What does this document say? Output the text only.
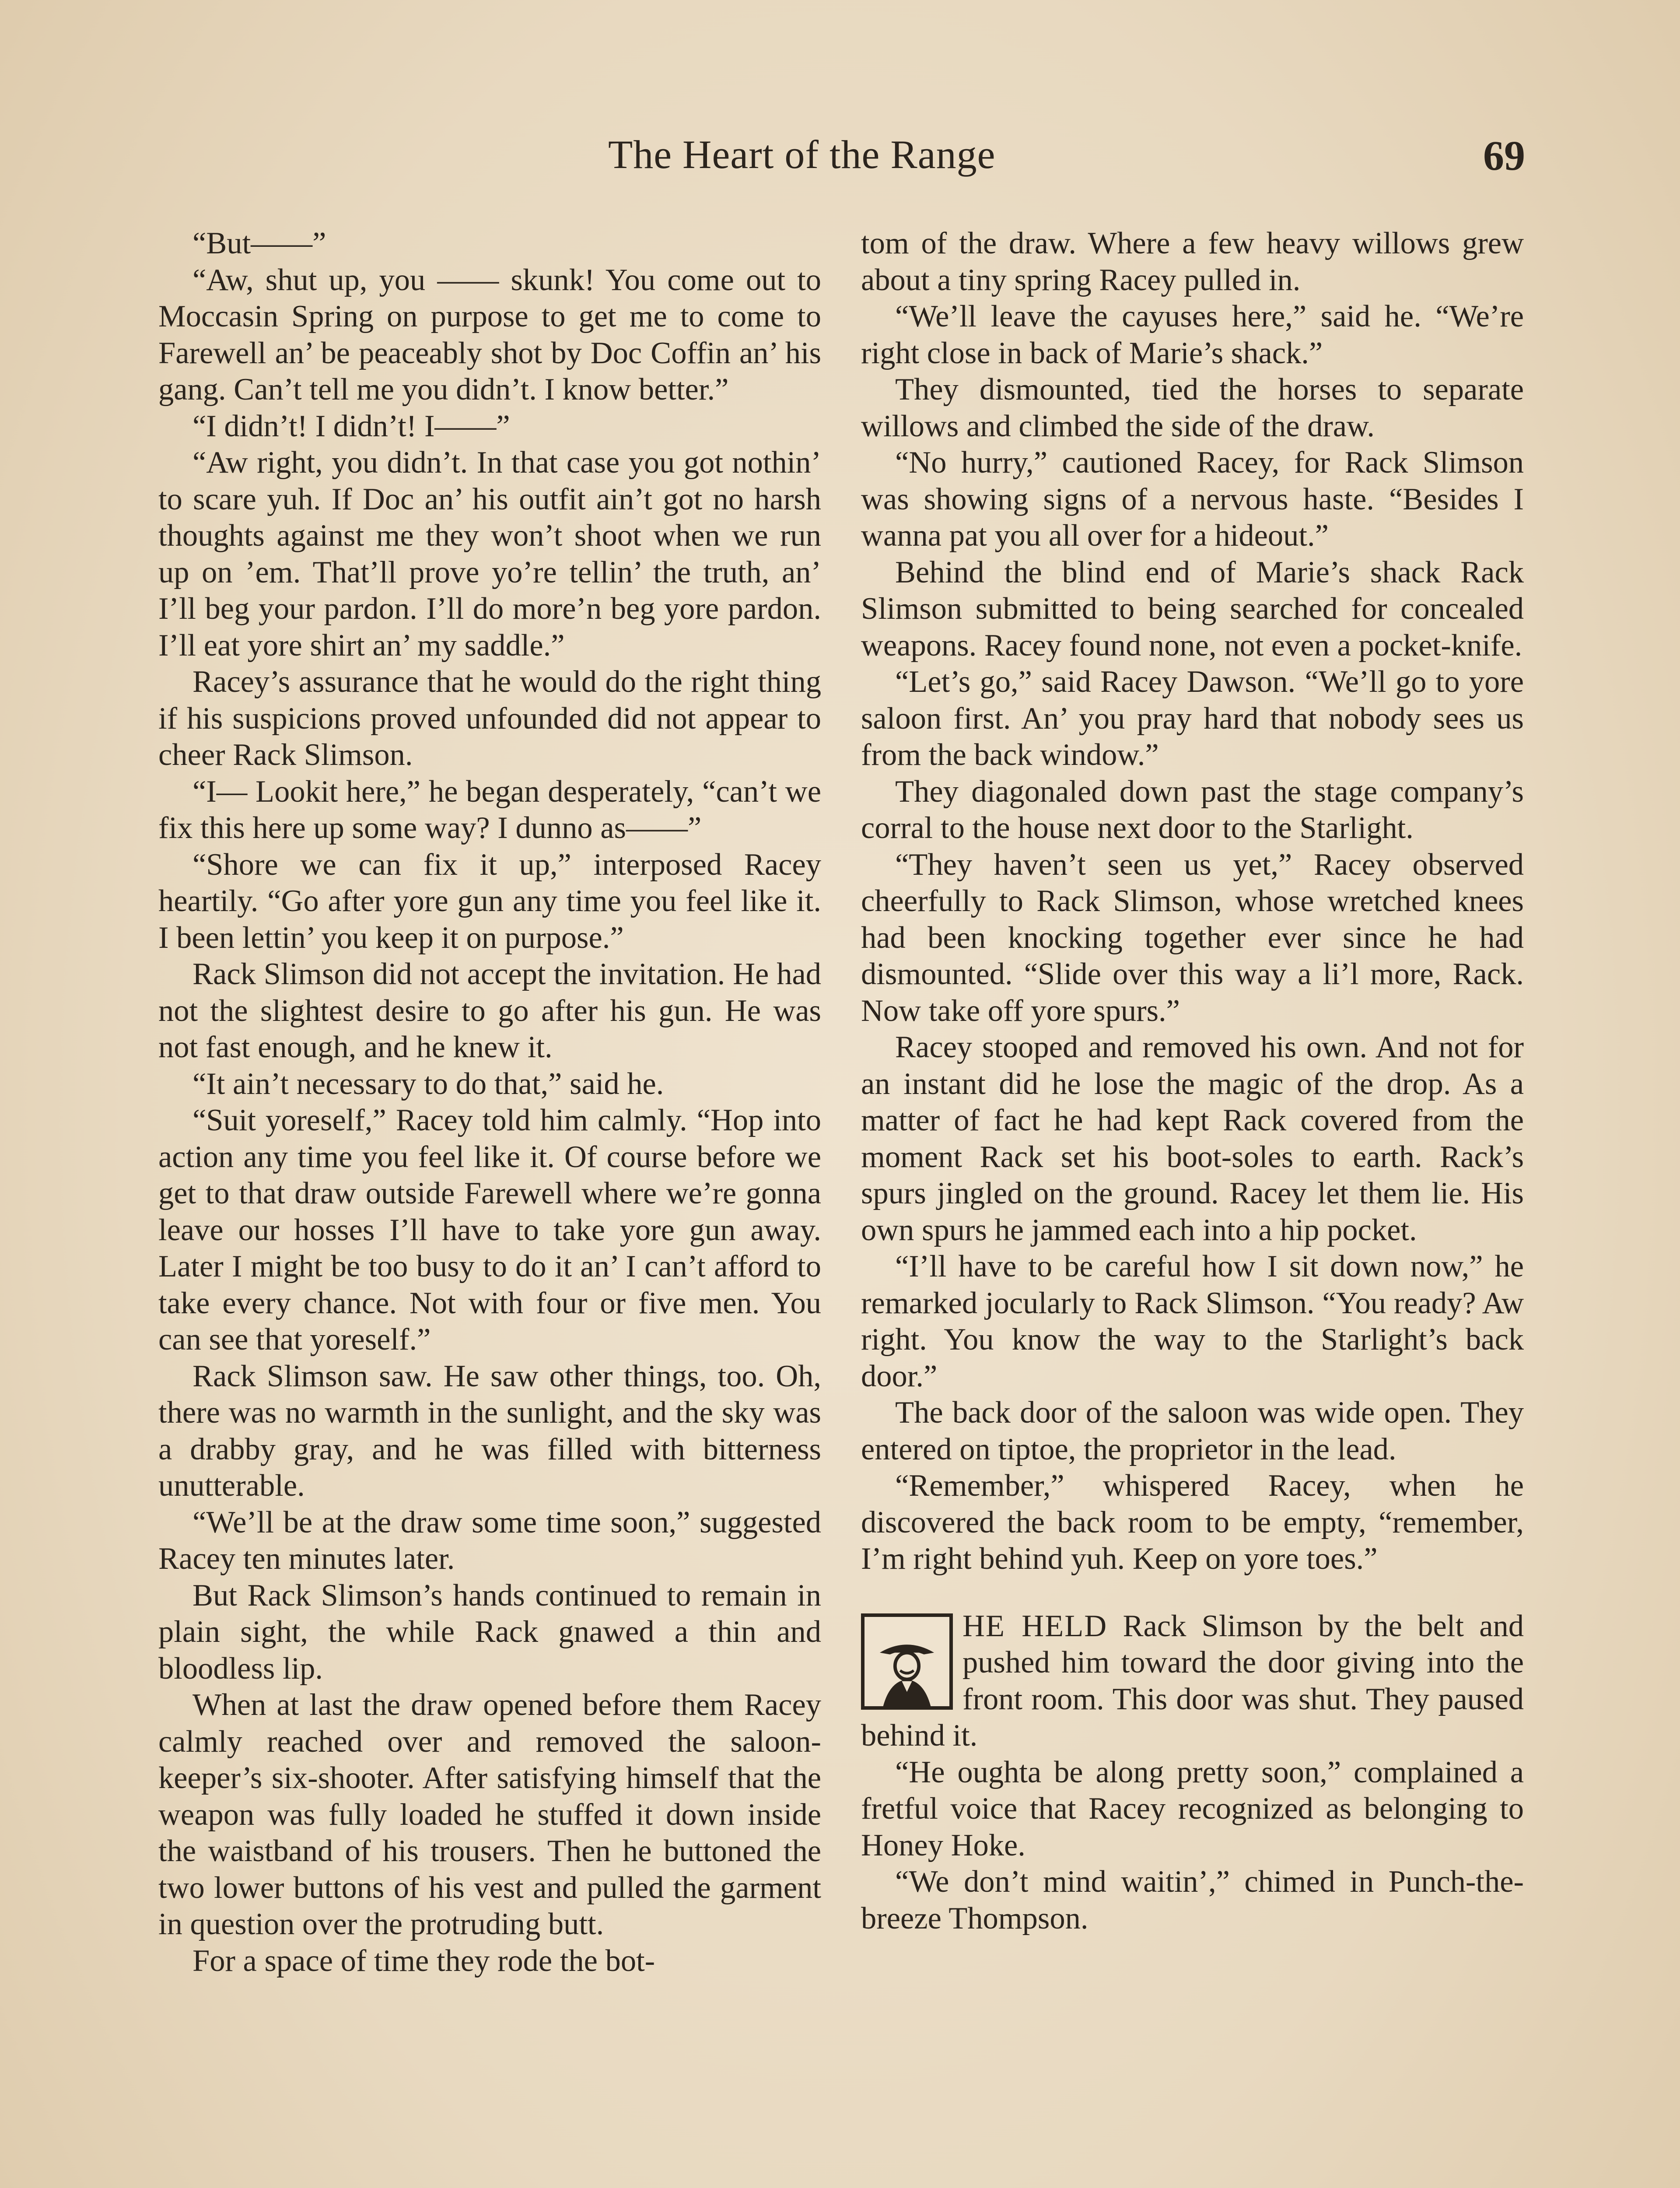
The Heart of the Range	69

“But——”

“Aw, shut up, you —— skunk! You come out to Moccasin Spring on purpose to get me to come to Farewell an’ be peaceably shot by Doc Coffin an’ his gang. Can’t tell me you didn’t. I know better.”

“I didn’t! I didn’t! I——”

“Aw right, you didn’t. In that case you got nothin’ to scare yuh. If Doc an’ his outfit ain’t got no harsh thoughts against me they won’t shoot when we run up on ’em. That’ll prove yo’re tellin’ the truth, an’ I’ll beg your pardon. I’ll do more’n beg yore pardon. I’ll eat yore shirt an’ my saddle.”

Racey’s assurance that he would do the right thing if his suspicions proved unfounded did not appear to cheer Rack Slimson.

“I— Lookit here,” he began desperately, “can’t we fix this here up some way? I dunno as——”

“Shore we can fix it up,” interposed Racey heartily. “Go after yore gun any time you feel like it. I been lettin’ you keep it on purpose.”

Rack Slimson did not accept the invitation. He had not the slightest desire to go after his gun. He was not fast enough, and he knew it.

“It ain’t necessary to do that,” said he.

“Suit yoreself,” Racey told him calmly. “Hop into action any time you feel like it. Of course before we get to that draw outside Farewell where we’re gonna leave our hosses I’ll have to take yore gun away. Later I might be too busy to do it an’ I can’t afford to take every chance. Not with four or five men. You can see that yoreself.”

Rack Slimson saw. He saw other things, too. Oh, there was no warmth in the sunlight, and the sky was a drabby gray, and he was filled with bitterness unutterable.

“We’ll be at the draw some time soon,” suggested Racey ten minutes later.

But Rack Slimson’s hands continued to remain in plain sight, the while Rack gnawed a thin and bloodless lip.

When at last the draw opened before them Racey calmly reached over and removed the saloon-keeper’s six-shooter. After satisfying himself that the weapon was fully loaded he stuffed it down inside the waistband of his trousers. Then he buttoned the two lower buttons of his vest and pulled the garment in question over the protruding butt.

For a space of time they rode the bot-

tom of the draw. Where a few heavy willows grew about a tiny spring Racey pulled in.

“We’ll leave the cayuses here,” said he. “We’re right close in back of Marie’s shack.”

They dismounted, tied the horses to separate willows and climbed the side of the draw.

“No hurry,” cautioned Racey, for Rack Slimson was showing signs of a nervous haste. “Besides I wanna pat you all over for a hideout.”

Behind the blind end of Marie’s shack Rack Slimson submitted to being searched for concealed weapons. Racey found none, not even a pocket-knife.

“Let’s go,” said Racey Dawson. “We’ll go to yore saloon first. An’ you pray hard that nobody sees us from the back window.”

They diagonaled down past the stage company’s corral to the house next door to the Starlight.

“They haven’t seen us yet,” Racey observed cheerfully to Rack Slimson, whose wretched knees had been knocking together ever since he had dismounted. “Slide over this way a li’l more, Rack. Now take off yore spurs.”

Racey stooped and removed his own. And not for an instant did he lose the magic of the drop. As a matter of fact he had kept Rack covered from the moment Rack set his boot-soles to earth. Rack’s spurs jingled on the ground. Racey let them lie. His own spurs he jammed each into a hip pocket.

“I’ll have to be careful how I sit down now,” he remarked jocularly to Rack Slimson. “You ready? Aw right. You know the way to the Starlight’s back door.”

The back door of the saloon was wide open. They entered on tiptoe, the proprietor in the lead.

“Remember,” whispered Racey, when he discovered the back room to be empty, “remember, I’m right behind yuh. Keep on yore toes.”

HE HELD Rack Slimson by the belt and pushed him toward the door giving into the front room. This door was shut. They paused behind it.

“He oughta be along pretty soon,” complained a fretful voice that Racey recognized as belonging to Honey Hoke.

“We don’t mind waitin’,” chimed in Punch-the-breeze Thompson.
